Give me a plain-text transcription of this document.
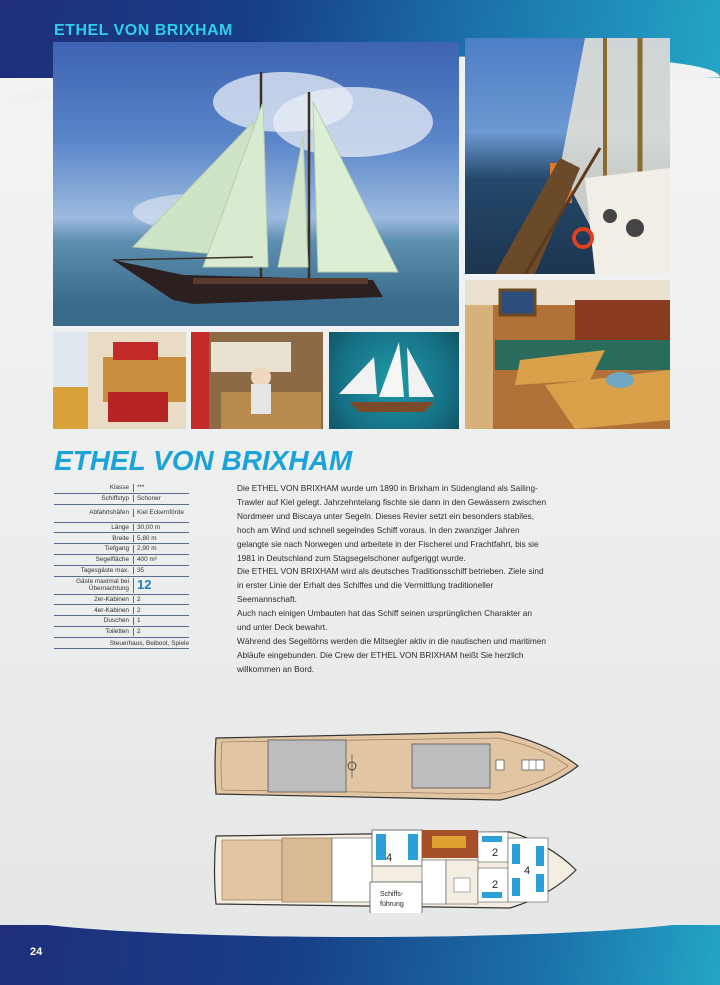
ETHEL VON BRIXHAM
ETHEL VON BRIXHAM
Klasse	***
Schiffstyp	Schoner
Abfahrtshäfen	Kiel Eckernförde
Länge	30,00 m
Breite	5,80 m
Tiefgang	2,90 m
Segelfläche	400 m²
Tagesgäste max.	35
Gäste maximal bei Übernachtung 12
2er-Kabinen	2
4er-Kabinen	2
Duschen	1
Toiletten	2
Steuerhaus, Beiboot, Spiele

Die ETHEL VON BRIXHAM wurde um 1890 in Brixham in Südengland als Sailing-Trawler auf Kiel gelegt. Jahrzehntelang fischte sie dann in den Gewässern zwischen Nordmeer und Biscaya unter Segeln. Dieses Revier setzt ein besonders stabiles, hoch am Wind und schnell segelndes Schiff voraus. In den zwanziger Jahren gelangte sie nach Norwegen und arbeitete in der Fischerei und Frachtfahrt, bis sie 1981 in Deutschland zum Stagsegelschoner aufgeriggt wurde.

Die ETHEL VON BRIXHAM wird als deutsches Traditionsschiff betrieben. Ziele sind in erster Linie der Erhalt des Schiffes und die Vermittlung traditioneller Seemannschaft.

Auch nach einigen Umbauten hat das Schiff seinen ursprünglichen Charakter an und unter Deck bewahrt.

Während des Segeltörns werden die Mitsegler aktiv in die nautischen und maritimen Abläufe eingebunden. Die Crew der ETHEL VON BRIXHAM heißt Sie herzlich willkommen an Bord.

4	2
2
4
Schiffs-
führung
24
